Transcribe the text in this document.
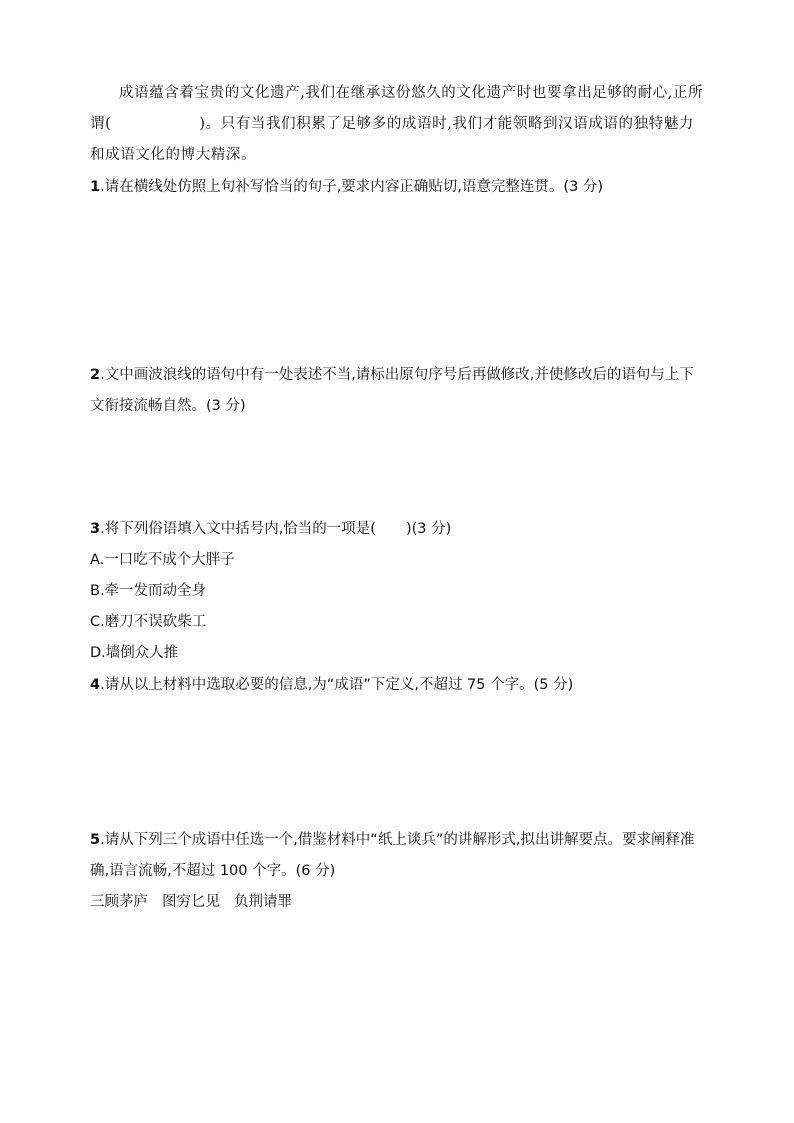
成语蕴含着宝贵的文化遗产,我们在继承这份悠久的文化遗产时也要拿出足够的耐心,正所谓(	)。只有当我们积累了足够多的成语时,我们才能领略到汉语成语的独特魅力和成语文化的博大精深。

1.请在横线处仿照上句补写恰当的句子,要求内容正确贴切,语意完整连贯。(3 分)
2.文中画波浪线的语句中有一处表述不当,请标出原句序号后再做修改,并使修改后的语句与上下文衔接流畅自然。(3 分)
3.将下列俗语填入文中括号内,恰当的一项是( )(3 分)
A.一口吃不成个大胖子
B.牵一发而动全身
C.磨刀不误砍柴工
D.墙倒众人推
4.请从以上材料中选取必要的信息,为“成语”下定义,不超过 75 个字。(5 分)
5.请从下列三个成语中任选一个,借鉴材料中“纸上谈兵”的讲解形式,拟出讲解要点。要求阐释准确,语言流畅,不超过 100 个字。(6 分)
三顾茅庐 图穷匕见 负荆请罪
